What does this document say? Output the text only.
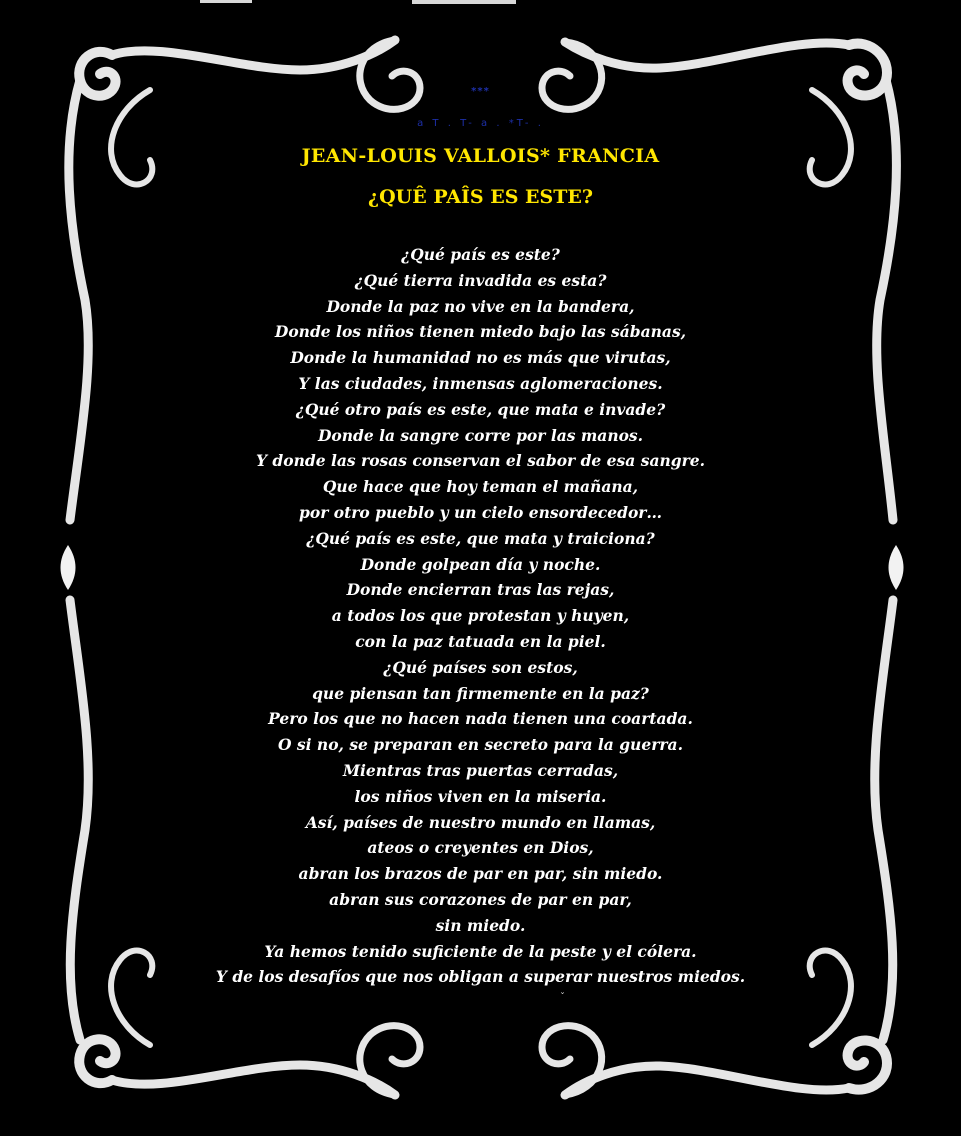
***
a T . T- a . *T- .
JEAN-LOUIS VALLOIS* FRANCIA
¿QUÊ PAÎS ES ESTE?
¿Qué país es este?
¿Qué tierra invadida es esta?
Donde la paz no vive en la bandera,
Donde los niños tienen miedo bajo las sábanas,
Donde la humanidad no es más que virutas,
Y las ciudades, inmensas aglomeraciones.
¿Qué otro país es este, que mata e invade?
Donde la sangre corre por las manos.
Y donde las rosas conservan el sabor de esa sangre.
Que hace que hoy teman el mañana,
por otro pueblo y un cielo ensordecedor…
¿Qué país es este, que mata y traiciona?
Donde golpean día y noche.
Donde encierran tras las rejas,
a todos los que protestan y huyen,
con la paz tatuada en la piel.
¿Qué países son estos,
que piensan tan firmemente en la paz?
Pero los que no hacen nada tienen una coartada.
O si no, se preparan en secreto para la guerra.
Mientras tras puertas cerradas,
los niños viven en la miseria.
Así, países de nuestro mundo en llamas,
ateos o creyentes en Dios,
abran los brazos de par en par, sin miedo.
abran sus corazones de par en par,
sin miedo.
Ya hemos tenido suficiente de la peste y el cólera.
Y de los desafíos que nos obligan a superar nuestros miedos.
ˇ
